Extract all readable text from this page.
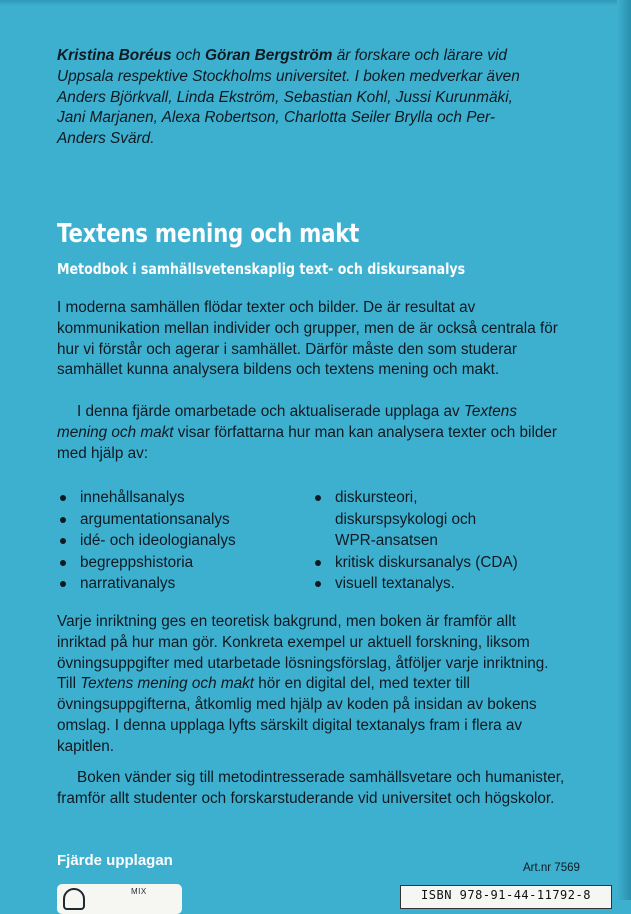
Kristina Boréus och Göran Bergström är forskare och lärare vid Uppsala respektive Stockholms universitet. I boken medverkar även Anders Björkvall, Linda Ekström, Sebastian Kohl, Jussi Kurunmäki, Jani Marjanen, Alexa Robertson, Charlotta Seiler Brylla och Per-Anders Svärd.

Textens mening och makt
Metodbok i samhällsvetenskaplig text- och diskursanalys

I moderna samhällen flödar texter och bilder. De är resultat av kommunikation mellan individer och grupper, men de är också centrala för hur vi förstår och agerar i samhället. Därför måste den som studerar samhället kunna analysera bildens och textens mening och makt.

I denna fjärde omarbetade och aktualiserade upplaga av Textens mening och makt visar författarna hur man kan analysera texter och bilder med hjälp av:

innehållsanalys
argumentationsanalys
idé- och ideologianalys
begreppshistoria
narrativanalys
diskursteori, diskurspsykologi och WPR-ansatsen
kritisk diskursanalys (CDA)
visuell textanalys.

Varje inriktning ges en teoretisk bakgrund, men boken är framför allt inriktad på hur man gör. Konkreta exempel ur aktuell forskning, liksom övningsuppgifter med utarbetade lösningsförslag, åtföljer varje inriktning. Till Textens mening och makt hör en digital del, med texter till övningsuppgifterna, åtkomlig med hjälp av koden på insidan av bokens omslag. I denna upplaga lyfts särskilt digital textanalys fram i flera av kapitlen.

Boken vänder sig till metodintresserade samhällsvetare och humanister, framför allt studenter och forskarstuderande vid universitet och högskolor.

Fjärde upplagan	Art.nr 7569

MIX	ISBN 978-91-44-11792-8
